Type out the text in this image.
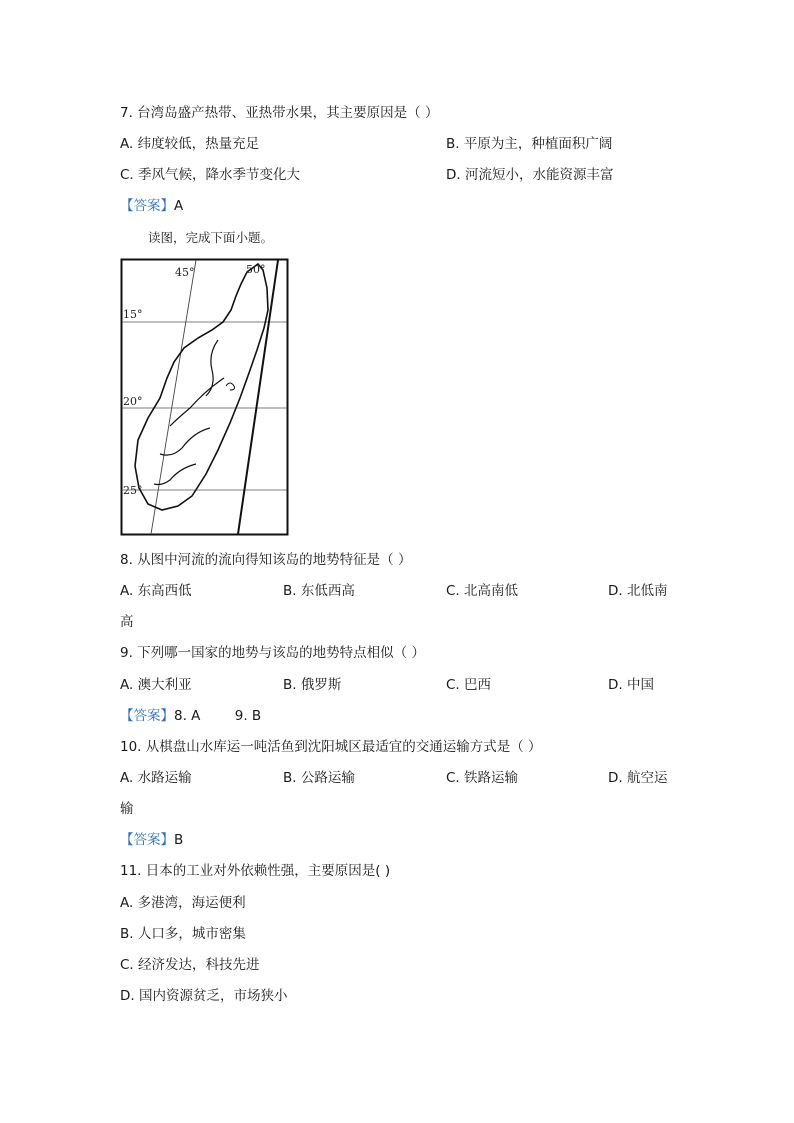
7. 台湾岛盛产热带、亚热带水果，其主要原因是（ ）
A. 纬度较低，热量充足	B. 平原为主，种植面积广阔
C. 季风气候，降水季节变化大	D. 河流短小，水能资源丰富
【答案】A
读图，完成下面小题。
45°	50°
15°
20°
25°
8. 从图中河流的流向得知该岛的地势特征是（ ）
A. 东高西低	B. 东低西高	C. 北高南低	D. 北低南
高
9. 下列哪一国家的地势与该岛的地势特点相似（ ）
A. 澳大利亚	B. 俄罗斯	C. 巴西	D. 中国
【答案】8. A        9. B
10. 从棋盘山水库运一吨活鱼到沈阳城区最适宜的交通运输方式是（ ）
A. 水路运输	B. 公路运输	C. 铁路运输	D. 航空运
输
【答案】B
11. 日本的工业对外依赖性强，主要原因是( )
A. 多港湾，海运便利
B. 人口多，城市密集
C. 经济发达，科技先进
D. 国内资源贫乏，市场狭小
